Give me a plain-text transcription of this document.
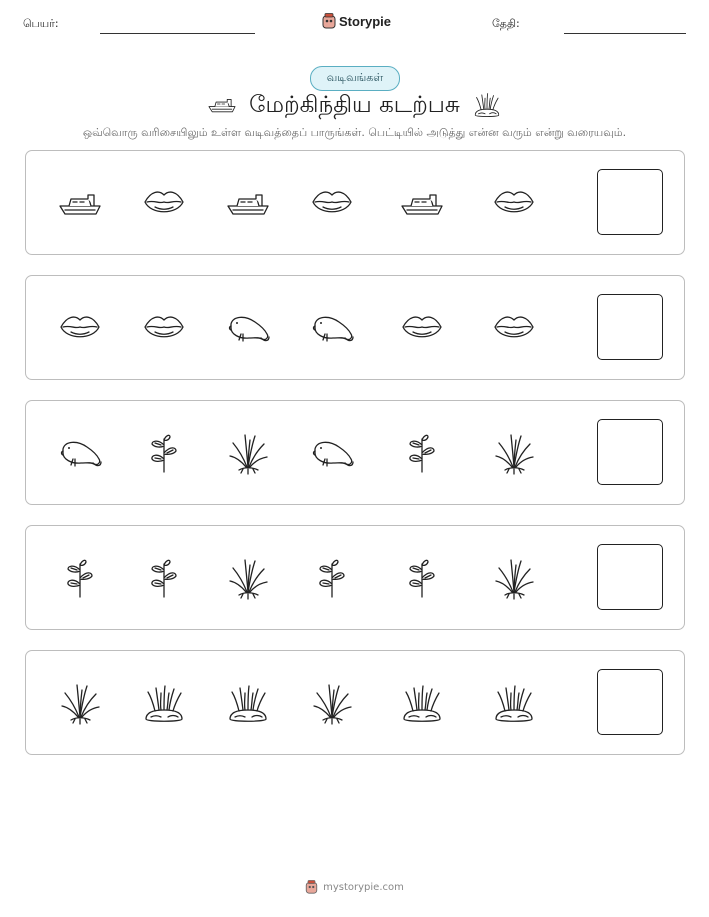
பெயர்:	Storypie	தேதி:
வடிவங்கள்
மேற்கிந்திய கடற்பசு
ஒவ்வொரு வரிசையிலும் உள்ள வடிவத்தைப் பாருங்கள். பெட்டியில் அடுத்து என்ன வரும் என்று வரையவும்.
mystorypie.com
